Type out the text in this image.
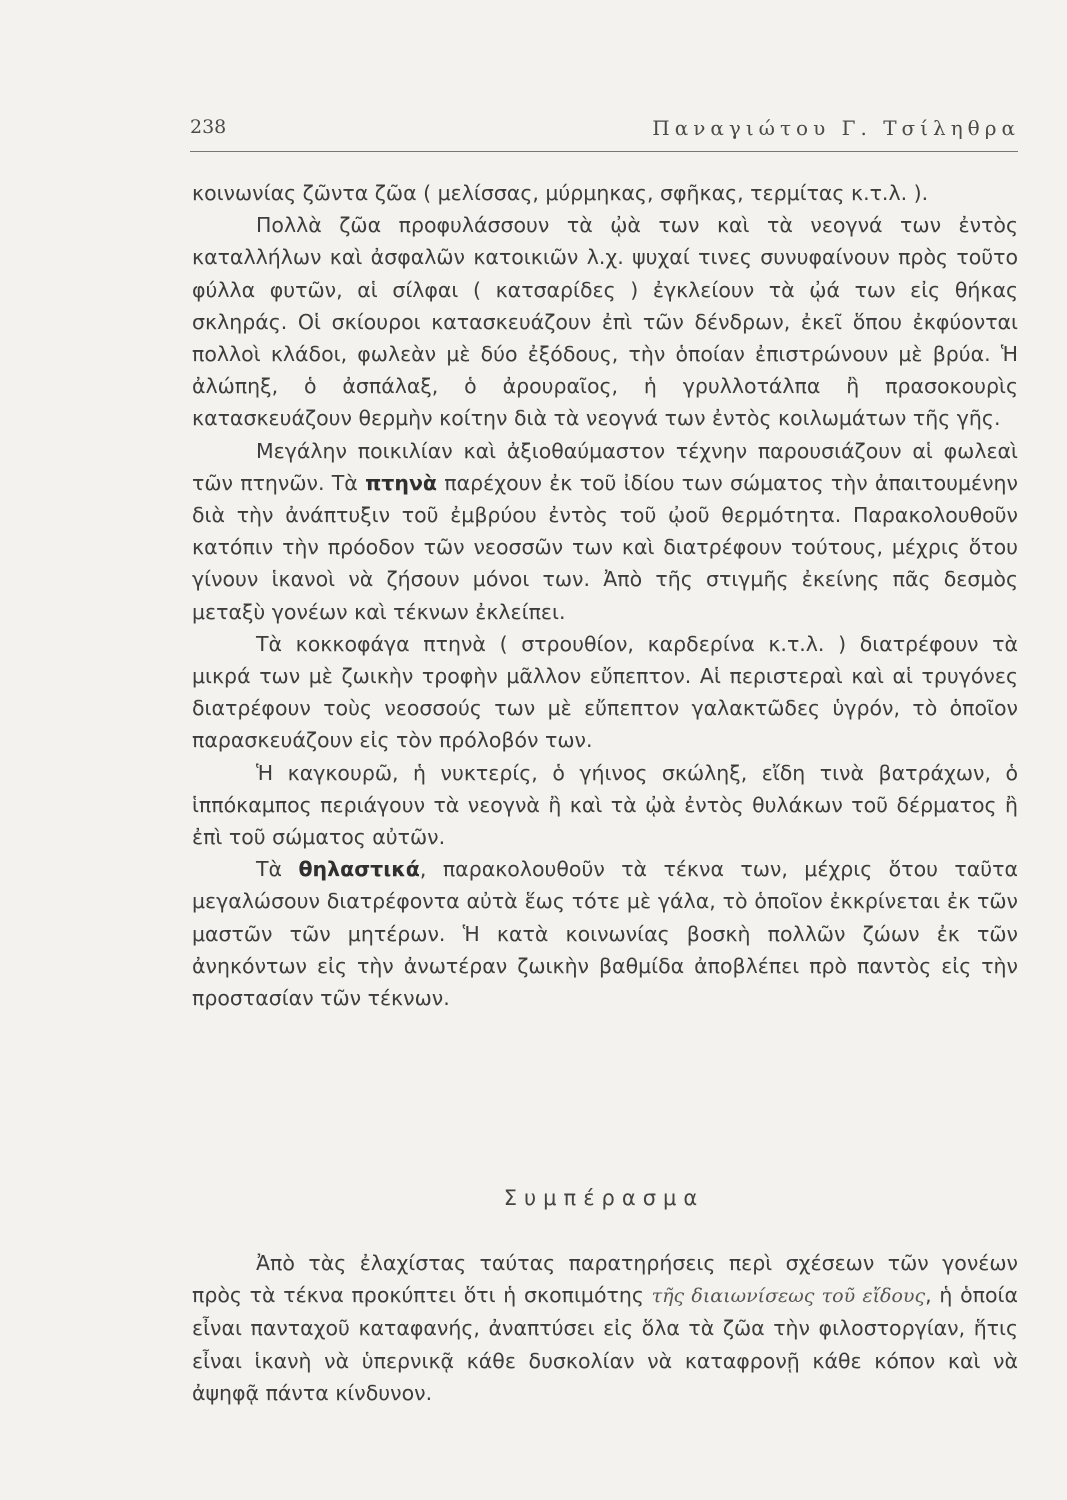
238	Παναγιώτου Γ. Τσίληθρα

κοινωνίας ζῶντα ζῶα ( μελίσσας, μύρμηκας, σφῆκας, τερμίτας κ.τ.λ. ).

Πολλὰ ζῶα προφυλάσσουν τὰ ᾠὰ των καὶ τὰ νεογνά των ἐντὸς καταλλήλων καὶ ἀσφαλῶν κατοικιῶν λ.χ. ψυχαί τινες συνυφαίνουν πρὸς τοῦτο φύλλα φυτῶν, αἱ σίλφαι ( κατσαρίδες ) ἐγκλείουν τὰ ᾠά των εἰς θήκας σκληράς. Οἱ σκίουροι κατασκευάζουν ἐπὶ τῶν δένδρων, ἐκεῖ ὅπου ἐκφύονται πολλοὶ κλάδοι, φωλεὰν μὲ δύο ἐξόδους, τὴν ὁποίαν ἐπιστρώνουν μὲ βρύα. Ἡ ἀλώπηξ, ὁ ἀσπάλαξ, ὁ ἀρουραῖος, ἡ γρυλλοτάλπα ἢ πρασοκουρὶς κατασκευάζουν θερμὴν κοίτην διὰ τὰ νεογνά των ἐντὸς κοιλωμάτων τῆς γῆς.

Μεγάλην ποικιλίαν καὶ ἀξιοθαύμαστον τέχνην παρουσιάζουν αἱ φωλεαὶ τῶν πτηνῶν. Τὰ πτηνὰ παρέχουν ἐκ τοῦ ἰδίου των σώματος τὴν ἀπαιτουμένην διὰ τὴν ἀνάπτυξιν τοῦ ἐμβρύου ἐντὸς τοῦ ᾠοῦ θερμότητα. Παρακολουθοῦν κατόπιν τὴν πρόοδον τῶν νεοσσῶν των καὶ διατρέφουν τούτους, μέχρις ὅτου γίνουν ἱκανοὶ νὰ ζήσουν μόνοι των. Ἀπὸ τῆς στιγμῆς ἐκείνης πᾶς δεσμὸς μεταξὺ γονέων καὶ τέκνων ἐκλείπει.

Τὰ κοκκοφάγα πτηνὰ ( στρουθίον, καρδερίνα κ.τ.λ. ) διατρέφουν τὰ μικρά των μὲ ζωικὴν τροφὴν μᾶλλον εὔπεπτον. Αἱ περιστεραὶ καὶ αἱ τρυγόνες διατρέφουν τοὺς νεοσσούς των μὲ εὔπεπτον γαλακτῶδες ὑγρόν, τὸ ὁποῖον παρασκευάζουν εἰς τὸν πρόλοβόν των.

Ἡ καγκουρῶ, ἡ νυκτερίς, ὁ γήινος σκώληξ, εἴδη τινὰ βατράχων, ὁ ἱππόκαμπος περιάγουν τὰ νεογνὰ ἢ καὶ τὰ ᾠὰ ἐντὸς θυλάκων τοῦ δέρματος ἢ ἐπὶ τοῦ σώματος αὐτῶν.

Τὰ θηλαστικά, παρακολουθοῦν τὰ τέκνα των, μέχρις ὅτου ταῦτα μεγαλώσουν διατρέφοντα αὐτὰ ἕως τότε μὲ γάλα, τὸ ὁποῖον ἐκκρίνεται ἐκ τῶν μαστῶν τῶν μητέρων. Ἡ κατὰ κοινωνίας βοσκὴ πολλῶν ζώων ἐκ τῶν ἀνηκόντων εἰς τὴν ἀνωτέραν ζωικὴν βαθμίδα ἀποβλέπει πρὸ παντὸς εἰς τὴν προστασίαν τῶν τέκνων.

Συμπέρασμα

Ἀπὸ τὰς ἐλαχίστας ταύτας παρατηρήσεις περὶ σχέσεων τῶν γονέων πρὸς τὰ τέκνα προκύπτει ὅτι ἡ σκοπιμότης τῆς διαιωνίσεως τοῦ εἴδους, ἡ ὁποία εἶναι πανταχοῦ καταφανής, ἀναπτύσει εἰς ὅλα τὰ ζῶα τὴν φιλοστοργίαν, ἥτις εἶναι ἱκανὴ νὰ ὑπερνικᾷ κάθε δυσκολίαν νὰ καταφρονῇ κάθε κόπον καὶ νὰ ἀψηφᾷ πάντα κίνδυνον.
